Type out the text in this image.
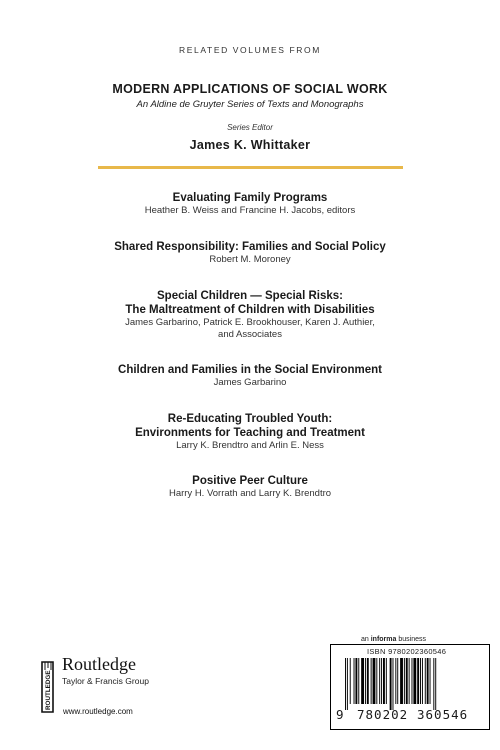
RELATED VOLUMES FROM
MODERN APPLICATIONS OF SOCIAL WORK
An Aldine de Gruyter Series of Texts and Monographs
Series Editor
James K. Whittaker
Evaluating Family Programs
Heather B. Weiss and Francine H. Jacobs, editors
Shared Responsibility: Families and Social Policy
Robert M. Moroney
Special Children — Special Risks:
The Maltreatment of Children with Disabilities
James Garbarino, Patrick E. Brookhouser, Karen J. Authier,
and Associates
Children and Families in the Social Environment
James Garbarino
Re-Educating Troubled Youth:
Environments for Teaching and Treatment
Larry K. Brendtro and Arlin E. Ness
Positive Peer Culture
Harry H. Vorrath and Larry K. Brendtro
an informa business
ISBN 9780202360546
9 780202 360546
ROUTLEDGE
Routledge
Taylor & Francis Group
www.routledge.com
